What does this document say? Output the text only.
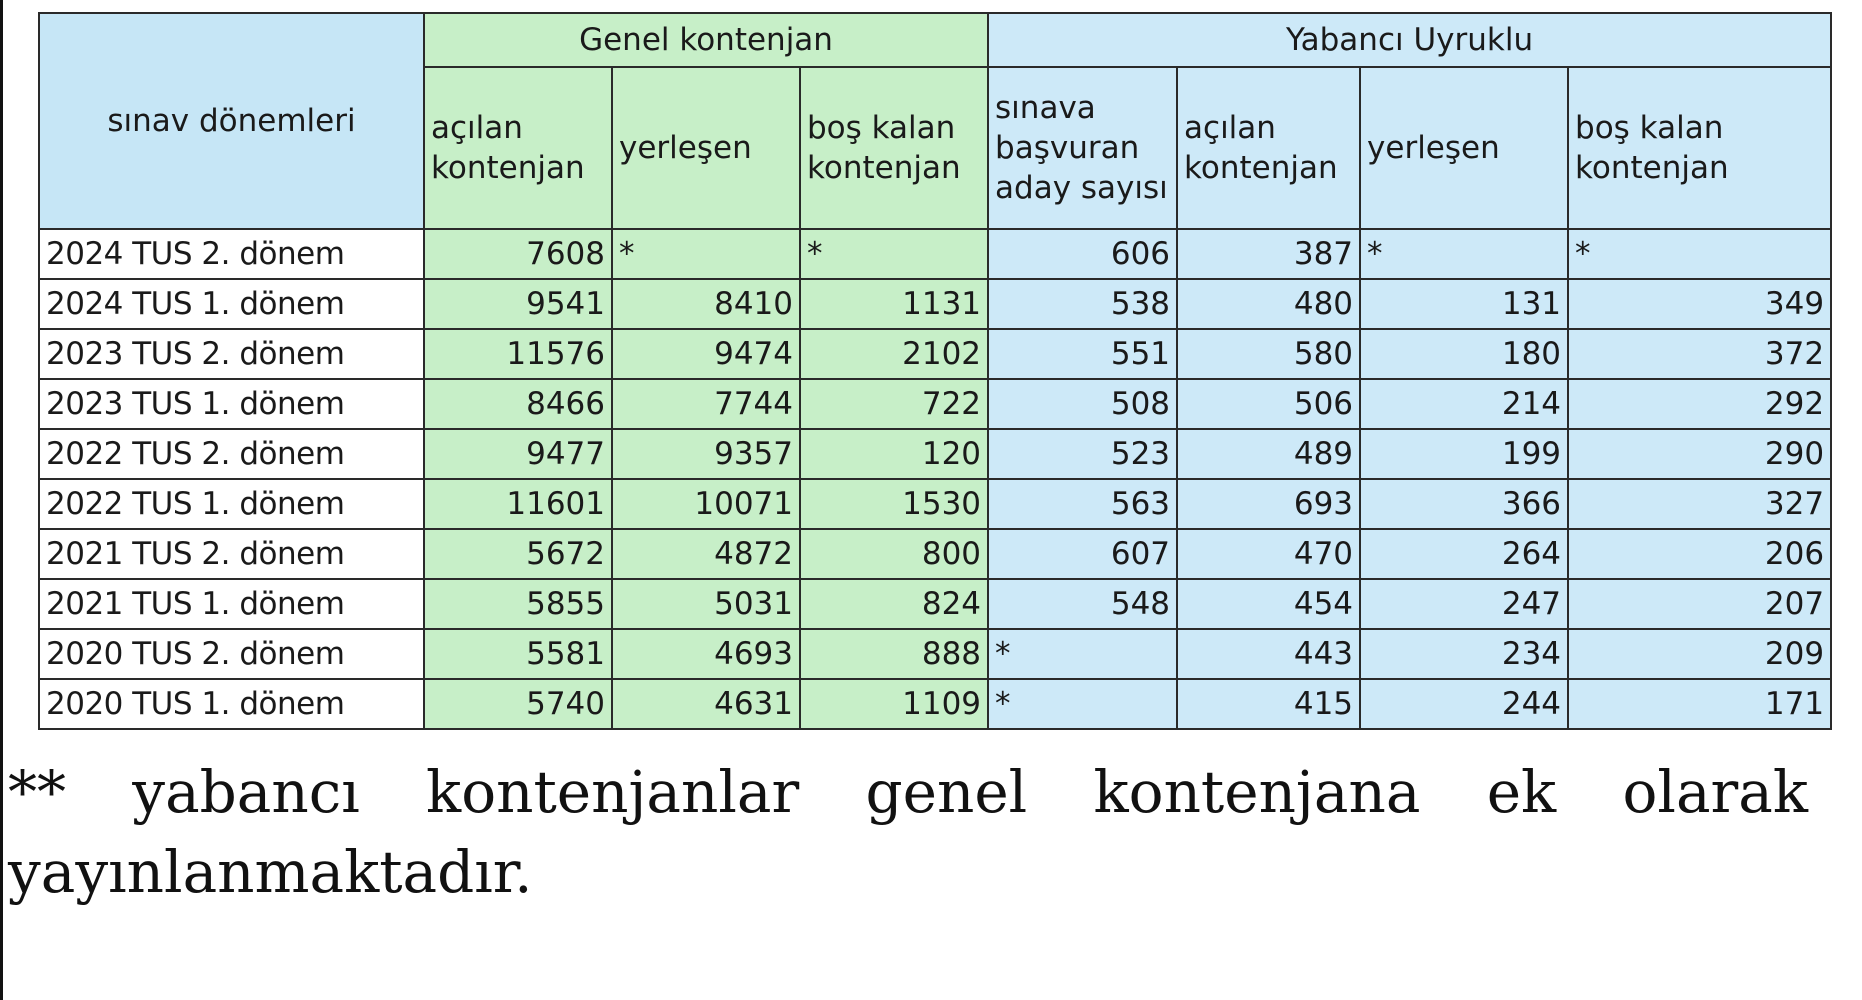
sınav dönemleri	Genel kontenjan			Yabancı Uyruklu			
	açılan kontenjan	yerleşen	boş kalan kontenjan	sınava başvuran aday sayısı	açılan kontenjan	yerleşen	boş kalan kontenjan
2024 TUS 2. dönem	7608	*	*	606	387	*	*
2024 TUS 1. dönem	9541	8410	1131	538	480	131	349
2023 TUS 2. dönem	11576	9474	2102	551	580	180	372
2023 TUS 1. dönem	8466	7744	722	508	506	214	292
2022 TUS 2. dönem	9477	9357	120	523	489	199	290
2022 TUS 1. dönem	11601	10071	1530	563	693	366	327
2021 TUS 2. dönem	5672	4872	800	607	470	264	206
2021 TUS 1. dönem	5855	5031	824	548	454	247	207
2020 TUS 2. dönem	5581	4693	888	*	443	234	209
2020 TUS 1. dönem	5740	4631	1109	*	415	244	171
** yabancı kontenjanlar genel kontenjana ek olarak yayınlanmaktadır.
